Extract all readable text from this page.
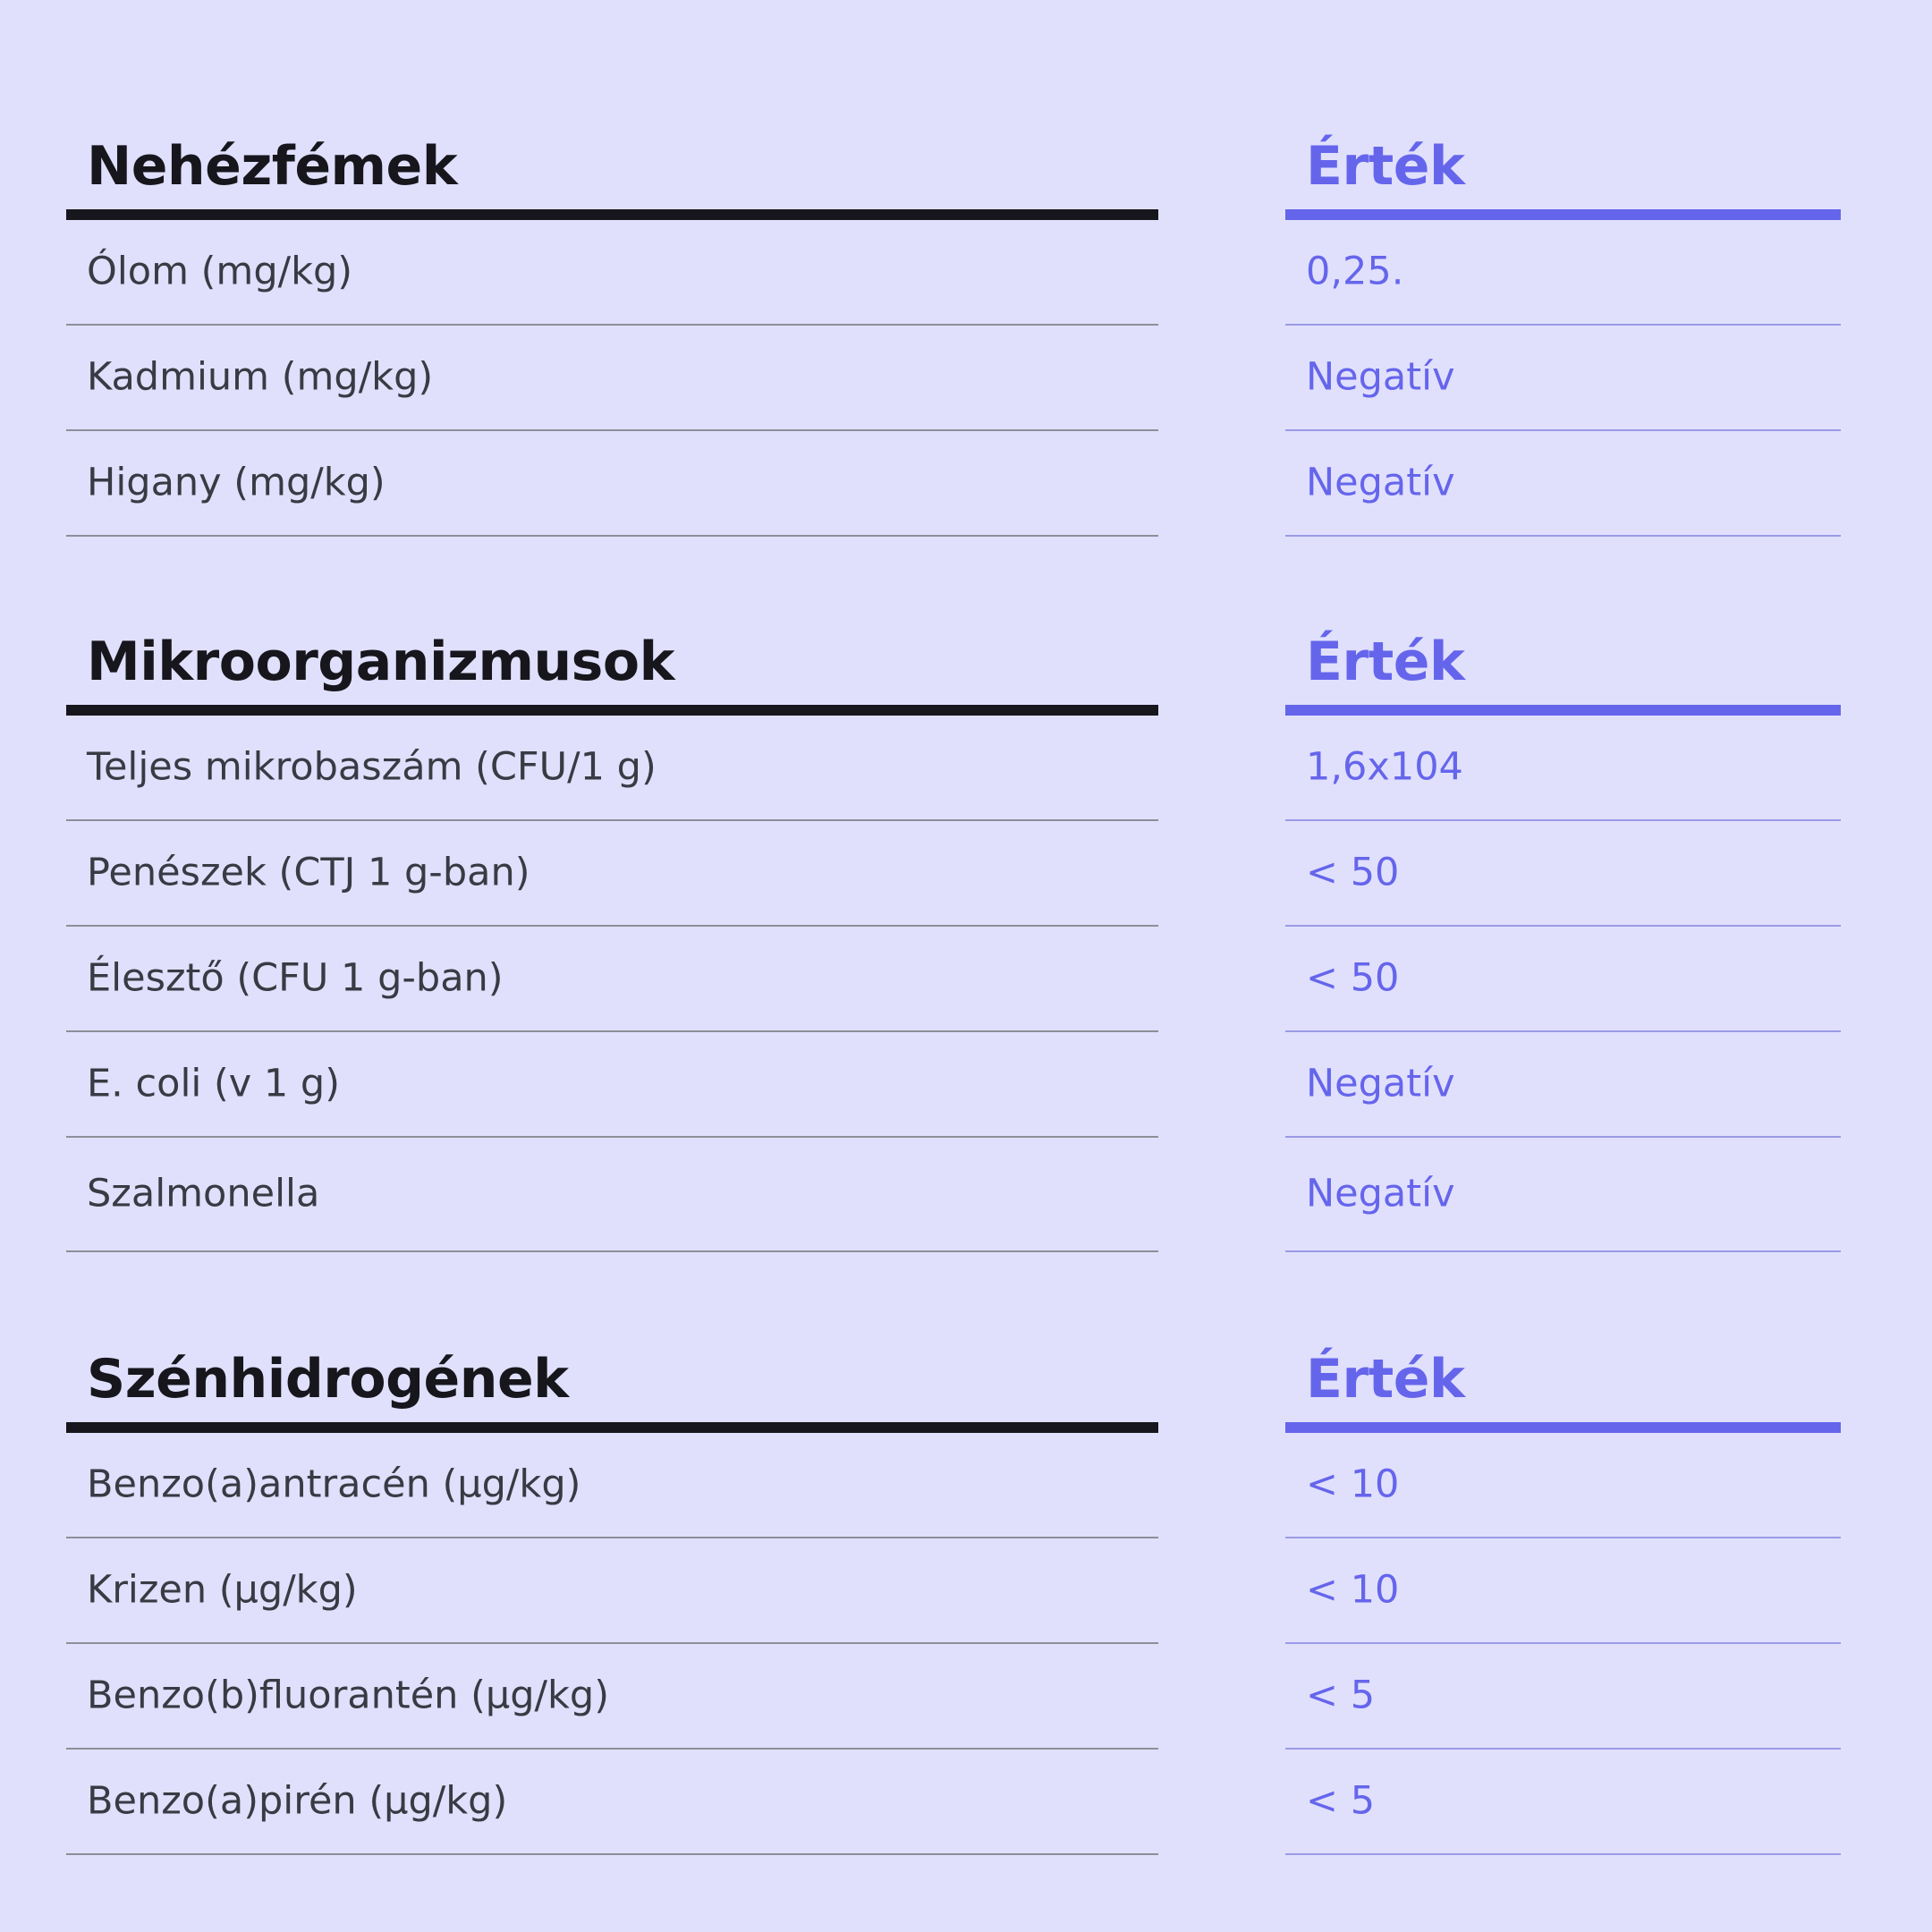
Nehézfémek
Ólom (mg/kg)
Kadmium (mg/kg)
Higany (mg/kg)
Érték
0,25.
Negatív
Negatív
Mikroorganizmusok
Teljes mikrobaszám (CFU/1 g)
Penészek (CTJ 1 g-ban)
Élesztő (CFU 1 g-ban)
E. coli (v 1 g)
Szalmonella
Érték
1,6x104
< 50
< 50
Negatív
Negatív
Szénhidrogének
Benzo(a)antracén (μg/kg)
Krizen (μg/kg)
Benzo(b)fluorantén (μg/kg)
Benzo(a)pirén (μg/kg)
Érték
< 10
< 10
< 5
< 5
